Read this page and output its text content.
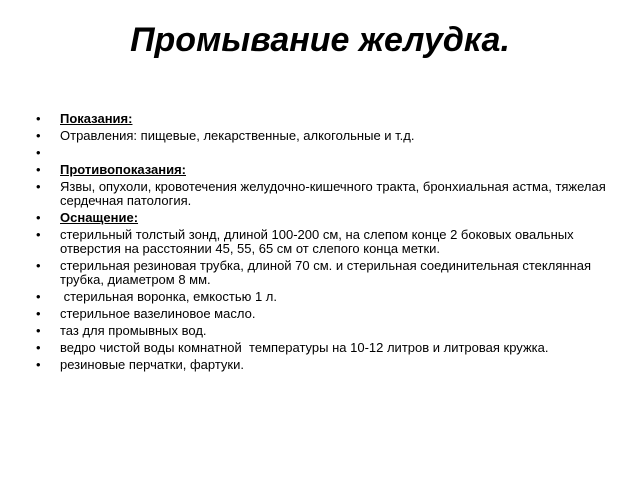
Промывание желудка.
• Показания:
• Отравления: пищевые, лекарственные, алкогольные и т.д.
•
• Противопоказания:
• Язвы, опухоли, кровотечения желудочно-кишечного тракта, бронхиальная астма, тяжелая сердечная патология.
• Оснащение:
• стерильный толстый зонд, длиной 100-200 см, на слепом конце 2 боковых овальных отверстия на расстоянии 45, 55, 65 см от слепого конца метки.
• стерильная резиновая трубка, длиной 70 см. и стерильная соединительная стеклянная трубка, диаметром 8 мм.
• стерильная воронка, емкостью 1 л.
• стерильное вазелиновое масло.
• таз для промывных вод.
• ведро чистой воды комнатной  температуры на 10-12 литров и литровая кружка.
• резиновые перчатки, фартуки.
